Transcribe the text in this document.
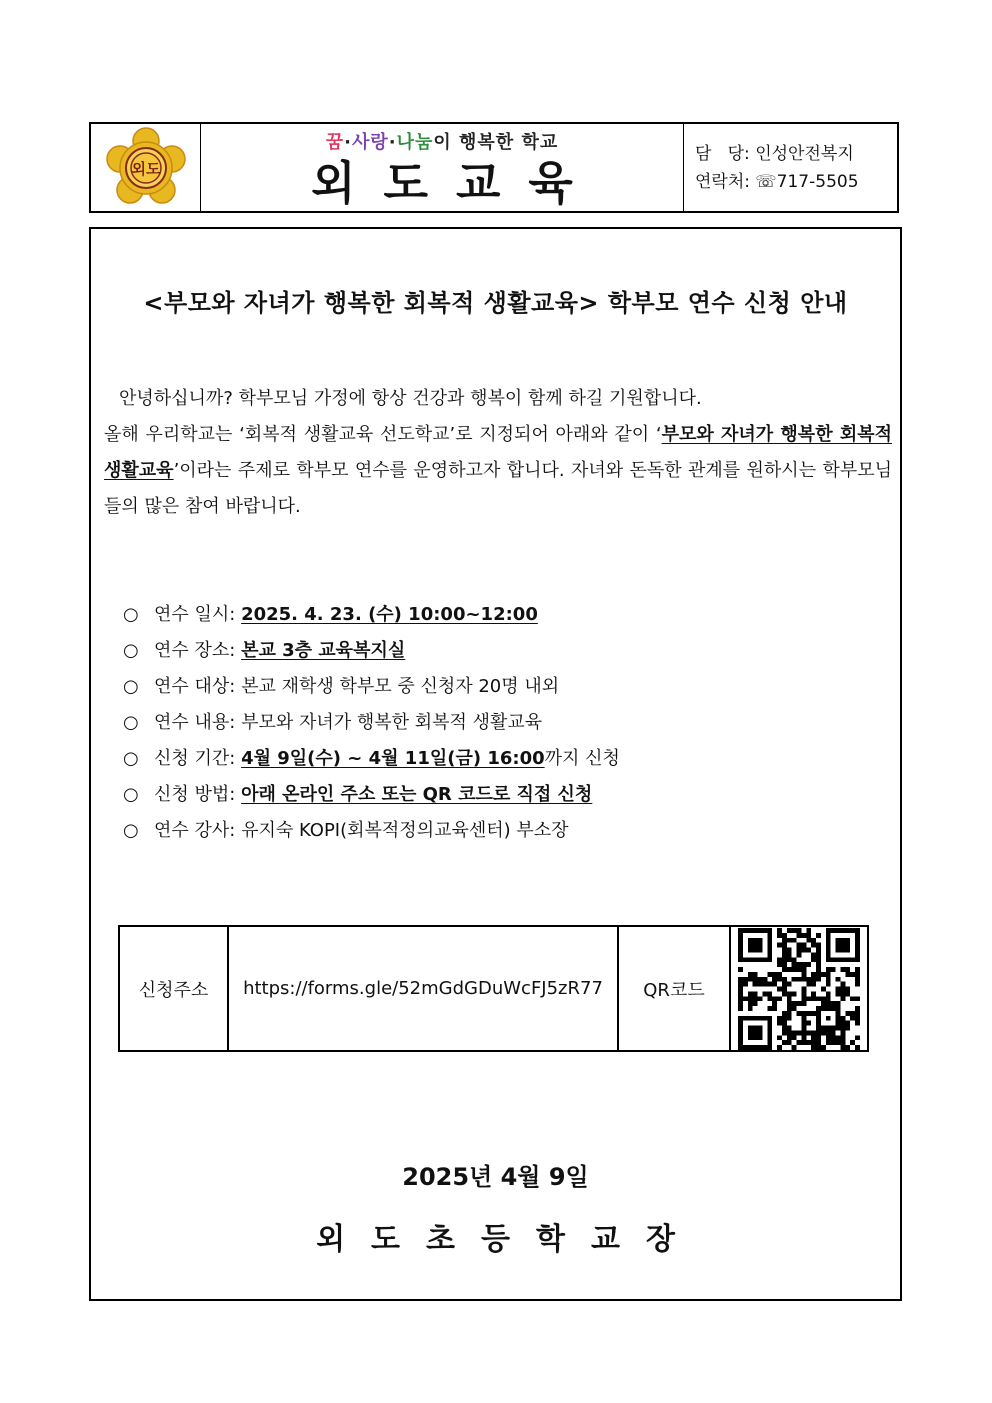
외도
꿈·사랑·나눔이 행복한 학교
외도교육
담   당: 인성안전복지
연락처: ☏717-5505
<부모와 자녀가 행복한 회복적 생활교육> 학부모 연수 신청 안내
안녕하십니까? 학부모님 가정에 항상 건강과 행복이 함께 하길 기원합니다.
올해 우리학교는 ‘회복적 생활교육 선도학교’로 지정되어 아래와 같이 ‘부모와 자녀가 행복한 회복적 생활교육’이라는 주제로 학부모 연수를 운영하고자 합니다. 자녀와 돈독한 관계를 원하시는 학부모님들의 많은 참여 바랍니다.
○ 연수 일시: 2025. 4. 23. (수) 10:00~12:00
○ 연수 장소: 본교 3층 교육복지실
○ 연수 대상: 본교 재학생 학부모 중 신청자 20명 내외
○ 연수 내용: 부모와 자녀가 행복한 회복적 생활교육
○ 신청 기간: 4월 9일(수) ~ 4월 11일(금) 16:00까지 신청
○ 신청 방법: 아래 온라인 주소 또는 QR 코드로 직접 신청
○ 연수 강사: 유지숙 KOPI(회복적정의교육센터) 부소장
신청주소	https://forms.gle/52mGdGDuWcFJ5zR77	QR코드	
2025년 4월 9일
외도초등학교장
